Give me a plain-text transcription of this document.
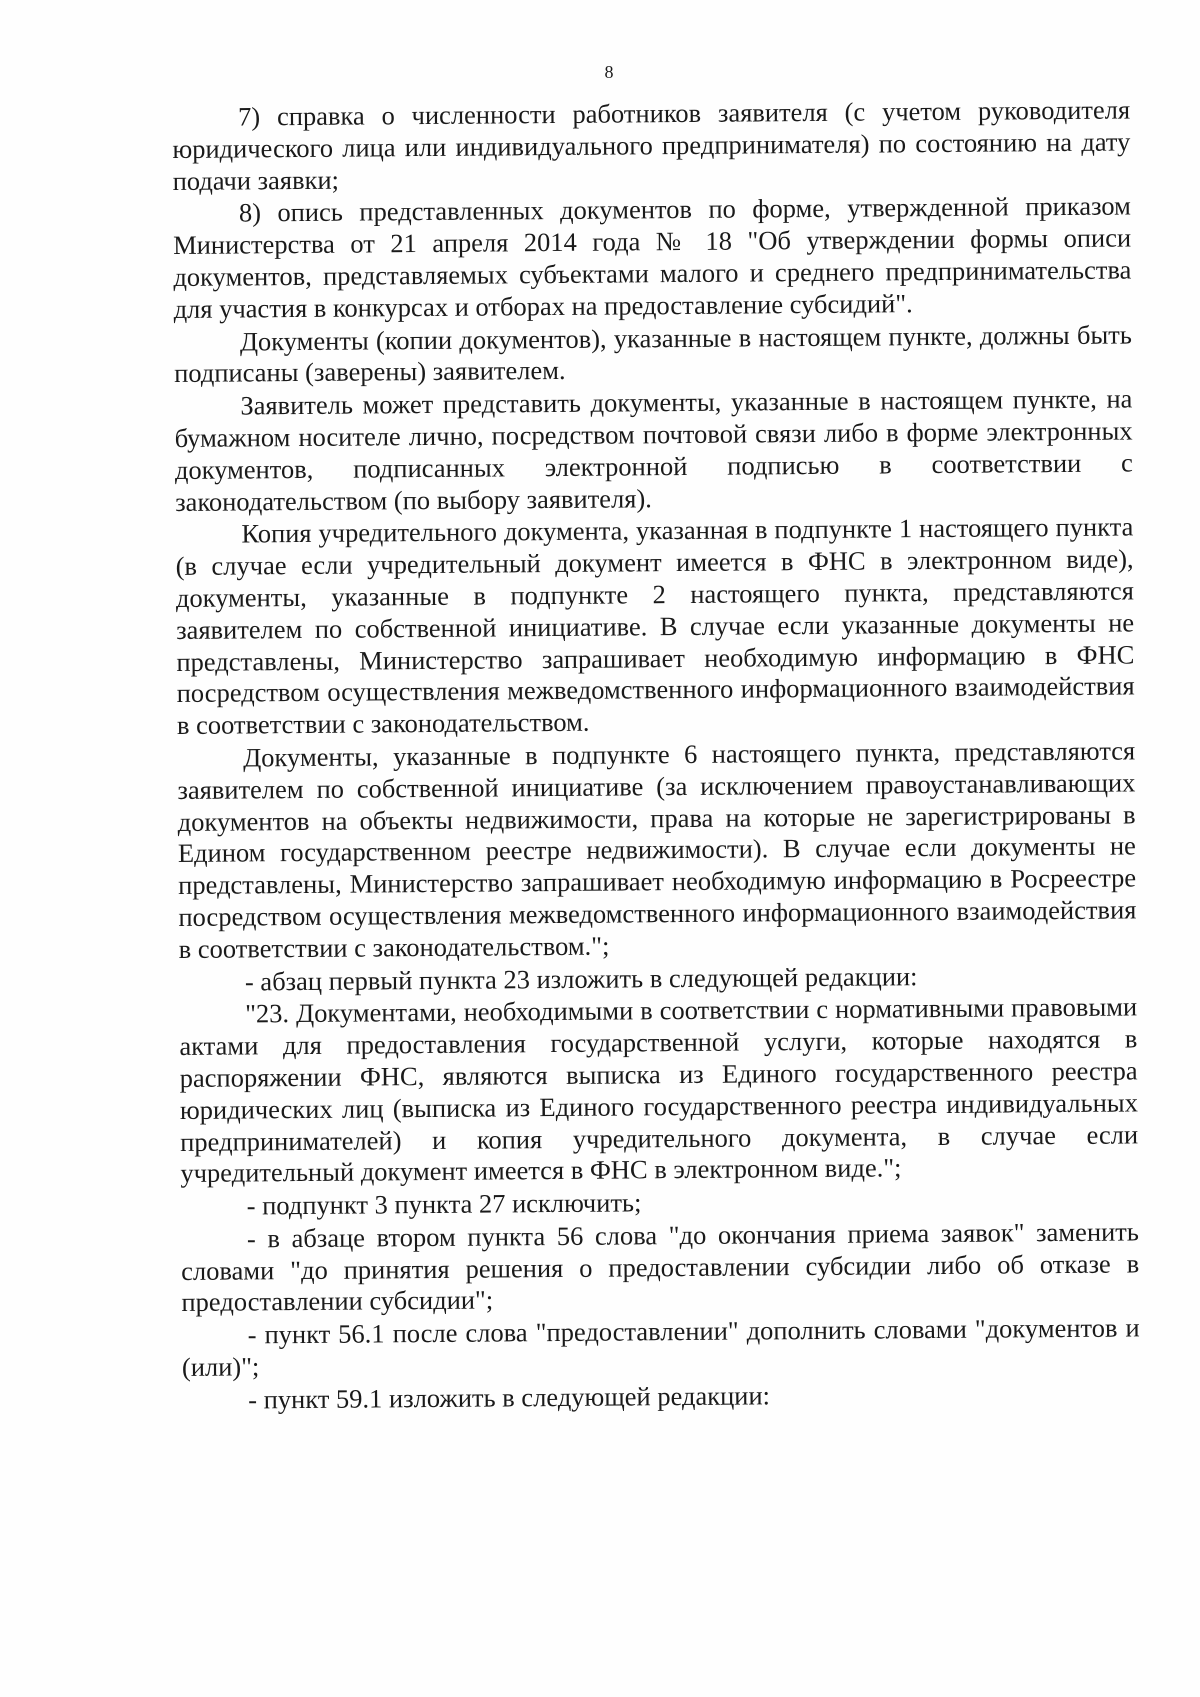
8

7) справка о численности работников заявителя (с учетом руководителя юридического лица или индивидуального предпринимателя) по состоянию на дату подачи заявки;

8) опись представленных документов по форме, утвержденной приказом Министерства от 21 апреля 2014 года № 18 "Об утверждении формы описи документов, представляемых субъектами малого и среднего предпринимательства для участия в конкурсах и отборах на предоставление субсидий".

Документы (копии документов), указанные в настоящем пункте, должны быть подписаны (заверены) заявителем.

Заявитель может представить документы, указанные в настоящем пункте, на бумажном носителе лично, посредством почтовой связи либо в форме электронных документов, подписанных электронной подписью в соответствии с законодательством (по выбору заявителя).

Копия учредительного документа, указанная в подпункте 1 настоящего пункта (в случае если учредительный документ имеется в ФНС в электронном виде), документы, указанные в подпункте 2 настоящего пункта, представляются заявителем по собственной инициативе. В случае если указанные документы не представлены, Министерство запрашивает необходимую информацию в ФНС посредством осуществления межведомственного информационного взаимодействия в соответствии с законодательством.

Документы, указанные в подпункте 6 настоящего пункта, представляются заявителем по собственной инициативе (за исключением правоустанавливающих документов на объекты недвижимости, права на которые не зарегистрированы в Едином государственном реестре недвижимости). В случае если документы не представлены, Министерство запрашивает необходимую информацию в Росреестре посредством осуществления межведомственного информационного взаимодействия в соответствии с законодательством.";

- абзац первый пункта 23 изложить в следующей редакции:

"23. Документами, необходимыми в соответствии с нормативными правовыми актами для предоставления государственной услуги, которые находятся в распоряжении ФНС, являются выписка из Единого государственного реестра юридических лиц (выписка из Единого государственного реестра индивидуальных предпринимателей) и копия учредительного документа, в случае если учредительный документ имеется в ФНС в электронном виде.";

- подпункт 3 пункта 27 исключить;

- в абзаце втором пункта 56 слова "до окончания приема заявок" заменить словами "до принятия решения о предоставлении субсидии либо об отказе в предоставлении субсидии";

- пункт 56.1 после слова "предоставлении" дополнить словами "документов и (или)";

- пункт 59.1 изложить в следующей редакции:
